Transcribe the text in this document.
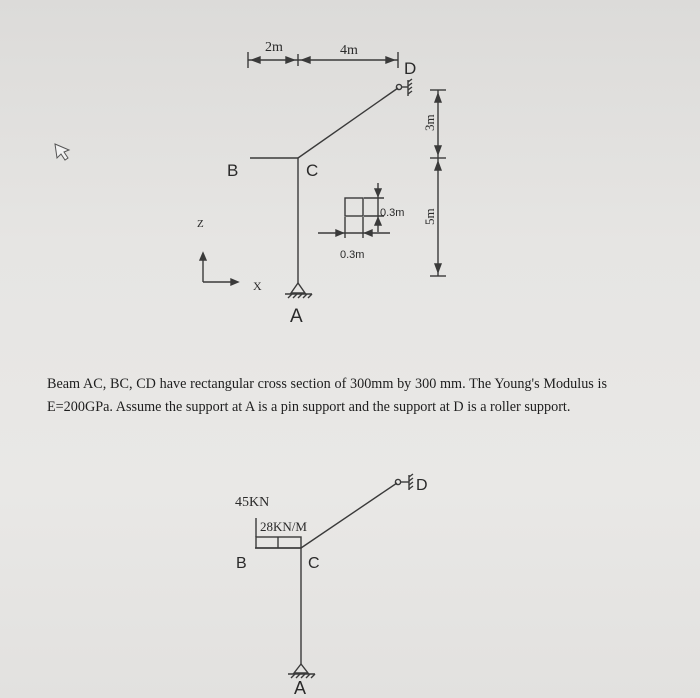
2m	4m
B	C
D
A
Z
X
0.3m
0.3m
3m
5m
45KN
28KN/M
B	C
D
A
Beam AC, BC, CD have rectangular cross section of 300mm by 300 mm. The Young's Modulus is E=200GPa. Assume the support at A is a pin support and the support at D is a roller support.
